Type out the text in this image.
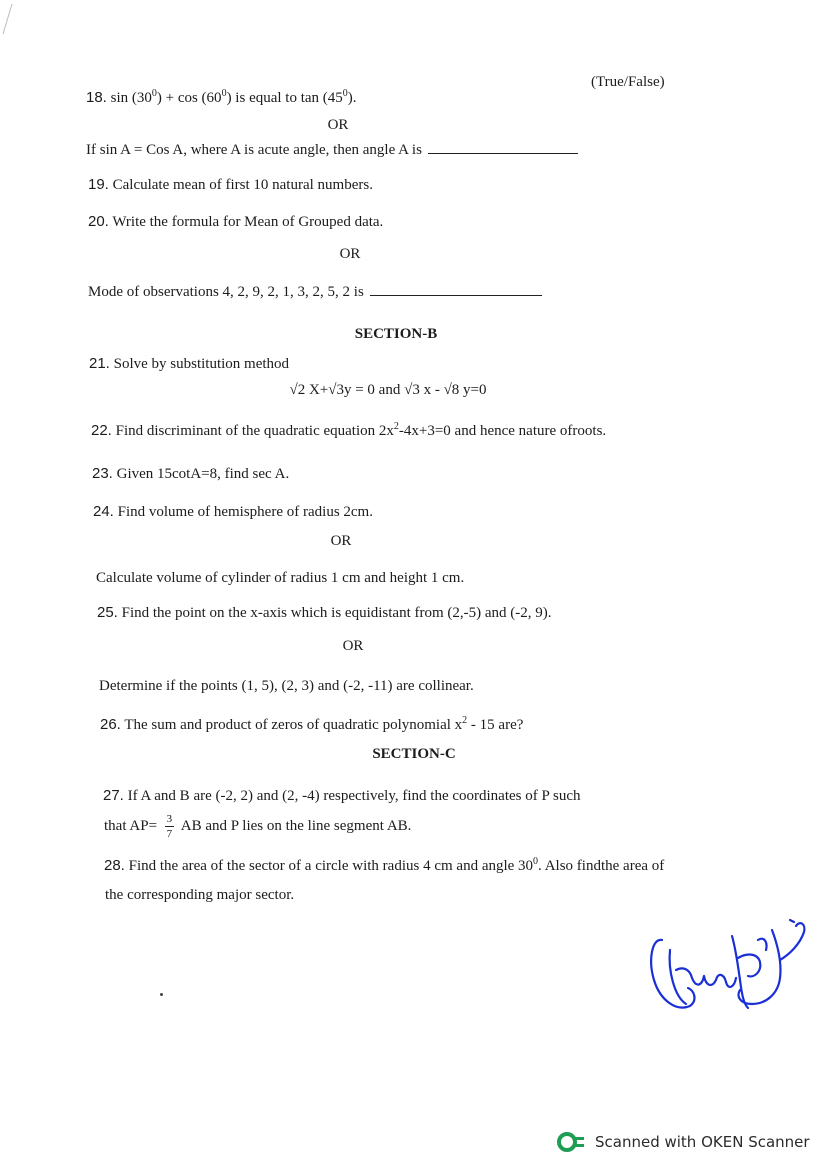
18. $\sin (30^0) + \cos (60^0)$ is equal to $\tan (45^0)$.
(True/False)
OR
If sin A = Cos A, where A is acute angle, then angle A is
19. Calculate mean of first 10 natural numbers.
20. Write the formula for Mean of Grouped data.
OR
Mode of observations 4, 2, 9, 2, 1, 3, 2, 5, 2 is
SECTION-B
21. Solve by substitution method
√2 X+√3y = 0 and √3 x - √8 y=0
22. Find discriminant of the quadratic equation $2x^2-4x+3=0$ and hence nature ofroots.
23. Given 15cotA=8, find sec A.
24. Find volume of hemisphere of radius 2cm.
OR
Calculate volume of cylinder of radius 1 cm and height 1 cm.
25. Find the point on the x-axis which is equidistant from (2,-5) and (-2, 9).
OR
Determine if the points (1, 5), (2, 3) and (-2, -11) are collinear.
26. The sum and product of zeros of quadratic polynomial $x^2 - 15$ are?
SECTION-C
27. If A and B are (-2, 2) and (2, -4) respectively, find the coordinates of P such
that $AP= \frac{3}{7}$ AB and P lies on the line segment AB.
28. Find the area of the sector of a circle with radius 4 cm and angle $30^0$. Also findthe area of
the corresponding major sector.
Scanned with OKEN Scanner
